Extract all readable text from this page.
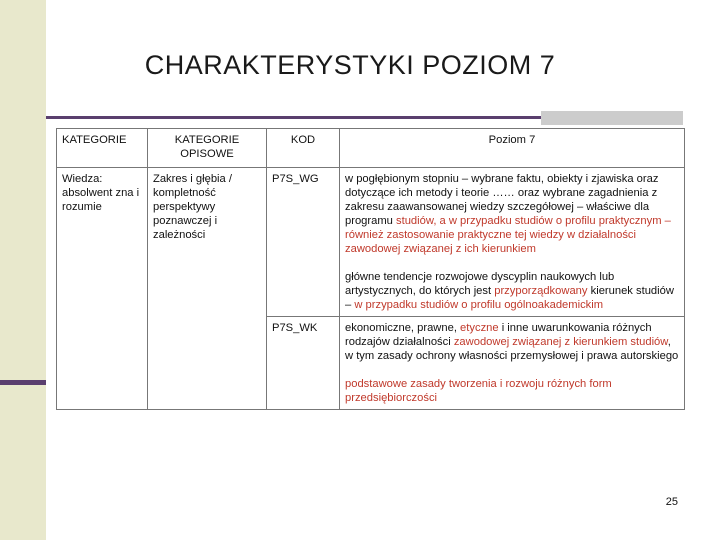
CHARAKTERYSTYKI POZIOM 7
KATEGORIE	KATEGORIE OPISOWE	KOD	Poziom 7
Wiedza: absolwent zna i rozumie	Zakres i głębia / kompletność perspektywy poznawczej i zależności	P7S_WG	w pogłębionym stopniu – wybrane faktu, obiekty i zjawiska oraz dotyczące ich metody i teorie …… oraz wybrane zagadnienia z zakresu zaawansowanej wiedzy szczegółowej – właściwe dla programu studiów, a w przypadku studiów o profilu praktycznym – również zastosowanie praktyczne tej wiedzy w działalności zawodowej związanej z ich kierunkiem

główne tendencje rozwojowe dyscyplin naukowych lub artystycznych, do których jest przyporządkowany kierunek studiów – w przypadku studiów o profilu ogólnoakademickim

		P7S_WK	ekonomiczne, prawne, etyczne i inne uwarunkowania różnych rodzajów działalności zawodowej związanej z kierunkiem studiów, w tym zasady ochrony własności przemysłowej i prawa autorskiego

podstawowe zasady tworzenia i rozwoju różnych form przedsiębiorczości

25
